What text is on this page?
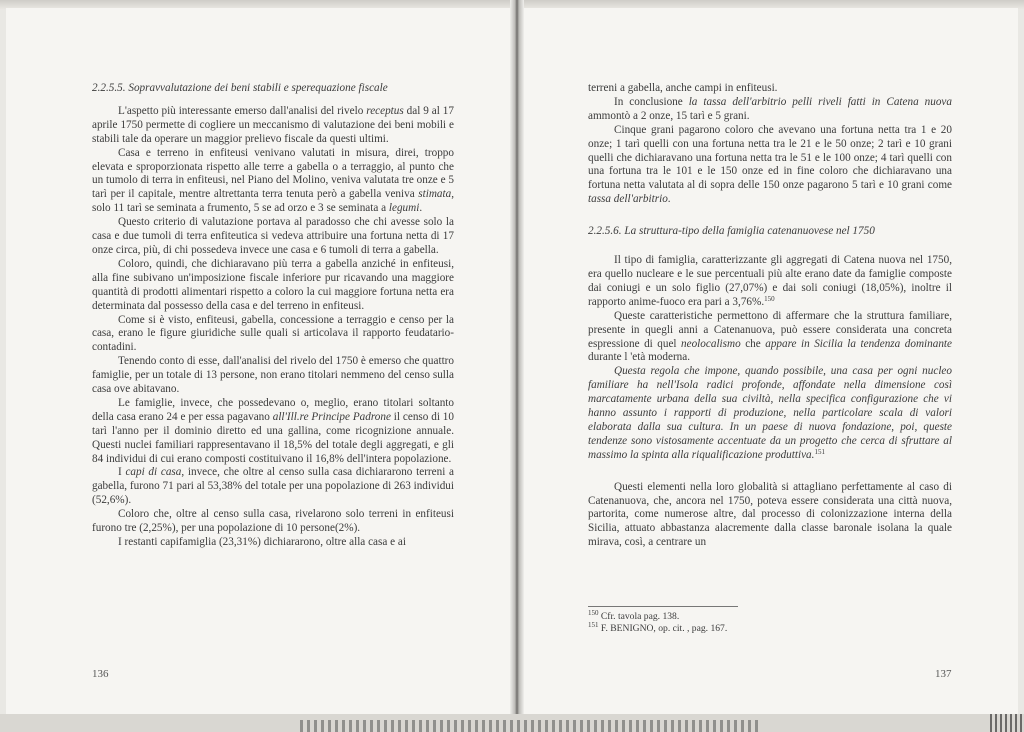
2.2.5.5. Sopravvalutazione dei beni stabili e sperequazione fiscale

L'aspetto più interessante emerso dall'analisi del rivelo receptus dal 9 al 17 aprile 1750 permette di cogliere un meccanismo di valutazione dei beni mobili e stabili tale da operare un maggior prelievo fiscale da questi ultimi.

Casa e terreno in enfiteusi venivano valutati in misura, direi, troppo elevata e sproporzionata rispetto alle terre a gabella o a terraggio, al punto che un tumolo di terra in enfiteusi, nel Piano del Molino, veniva valutata tre onze e 5 tarì per il capitale, mentre altrettanta terra tenuta però a gabella veniva stimata, solo 11 tarì se seminata a frumento, 5 se ad orzo e 3 se seminata a legumi.

Questo criterio di valutazione portava al paradosso che chi avesse solo la casa e due tumoli di terra enfiteutica si vedeva attribuire una fortuna netta di 17 onze circa, più, di chi possedeva invece une casa e 6 tumoli di terra a gabella.

Coloro, quindi, che dichiaravano più terra a gabella anziché in enfiteusi, alla fine subivano un'imposizione fiscale inferiore pur ricavando una maggiore quantità di prodotti alimentari rispetto a coloro la cui maggiore fortuna netta era determinata dal possesso della casa e del terreno in enfiteusi.

Come si è visto, enfiteusi, gabella, concessione a terraggio e censo per la casa, erano le figure giuridiche sulle quali si articolava il rapporto feudatario-contadini.

Tenendo conto di esse, dall'analisi del rivelo del 1750 è emerso che quattro famiglie, per un totale di 13 persone, non erano titolari nemmeno del censo sulla casa ove abitavano.

Le famiglie, invece, che possedevano o, meglio, erano titolari soltanto della casa erano 24 e per essa pagavano all'Ill.re Principe Padrone il censo di 10 tarì l'anno per il dominio diretto ed una gallina, come ricognizione annuale. Questi nuclei familiari rappresentavano il 18,5% del totale degli aggregati, e gli 84 individui di cui erano composti costituivano il 16,8% dell'intera popolazione.

I capi di casa, invece, che oltre al censo sulla casa dichiararono terreni a gabella, furono 71 pari al 53,38% del totale per una popolazione di 263 individui (52,6%).

Coloro che, oltre al censo sulla casa, rivelarono solo terreni in enfiteusi furono tre (2,25%), per una popolazione di 10 persone(2%).

I restanti capifamiglia (23,31%) dichiararono, oltre alla casa e ai

terreni a gabella, anche campi in enfiteusi.

In conclusione la tassa dell'arbitrio pelli riveli fatti in Catena nuova ammontò a 2 onze, 15 tarì e 5 grani.

Cinque grani pagarono coloro che avevano una fortuna netta tra 1 e 20 onze; 1 tarì quelli con una fortuna netta tra le 21 e le 50 onze; 2 tarì e 10 grani quelli che dichiaravano una fortuna netta tra le 51 e le 100 onze; 4 tarì quelli con una fortuna tra le 101 e le 150 onze ed in fine coloro che dichiaravano una fortuna netta valutata al di sopra delle 150 onze pagarono 5 tarì e 10 grani come tassa dell'arbitrio.

2.2.5.6. La struttura-tipo della famiglia catenanuovese nel 1750

Il tipo di famiglia, caratterizzante gli aggregati di Catena nuova nel 1750, era quello nucleare e le sue percentuali più alte erano date da famiglie composte dai coniugi e un solo figlio (27,07%) e dai soli coniugi (18,05%), inoltre il rapporto anime-fuoco era pari a 3,76%.$^{150}$

Queste caratteristiche permettono di affermare che la struttura familiare, presente in quegli anni a Catenanuova, può essere considerata una concreta espressione di quel neolocalismo che appare in Sicilia la tendenza dominante durante l 'età moderna.

Questa regola che impone, quando possibile, una casa per ogni nucleo familiare ha nell'Isola radici profonde, affondate nella dimensione così marcatamente urbana della sua civiltà, nella specifica configurazione che vi hanno assunto i rapporti di produzione, nella particolare scala di valori elaborata dalla sua cultura. In un paese di nuova fondazione, poi, queste tendenze sono vistosamente accentuate da un progetto che cerca di sfruttare al massimo la spinta alla riqualificazione produttiva.$^{151}$

Questi elementi nella loro globalità si attagliano perfettamente al caso di Catenanuova, che, ancora nel 1750, poteva essere considerata una città nuova, partorita, come numerose altre, dal processo di colonizzazione interna della Sicilia, attuato abbastanza alacremente dalla classe baronale isolana la quale mirava, così, a centrare un

$^{150}$ Cfr. tavola pag. 138.
$^{151}$ F. BENIGNO, op. cit. , pag. 167.
136	137
